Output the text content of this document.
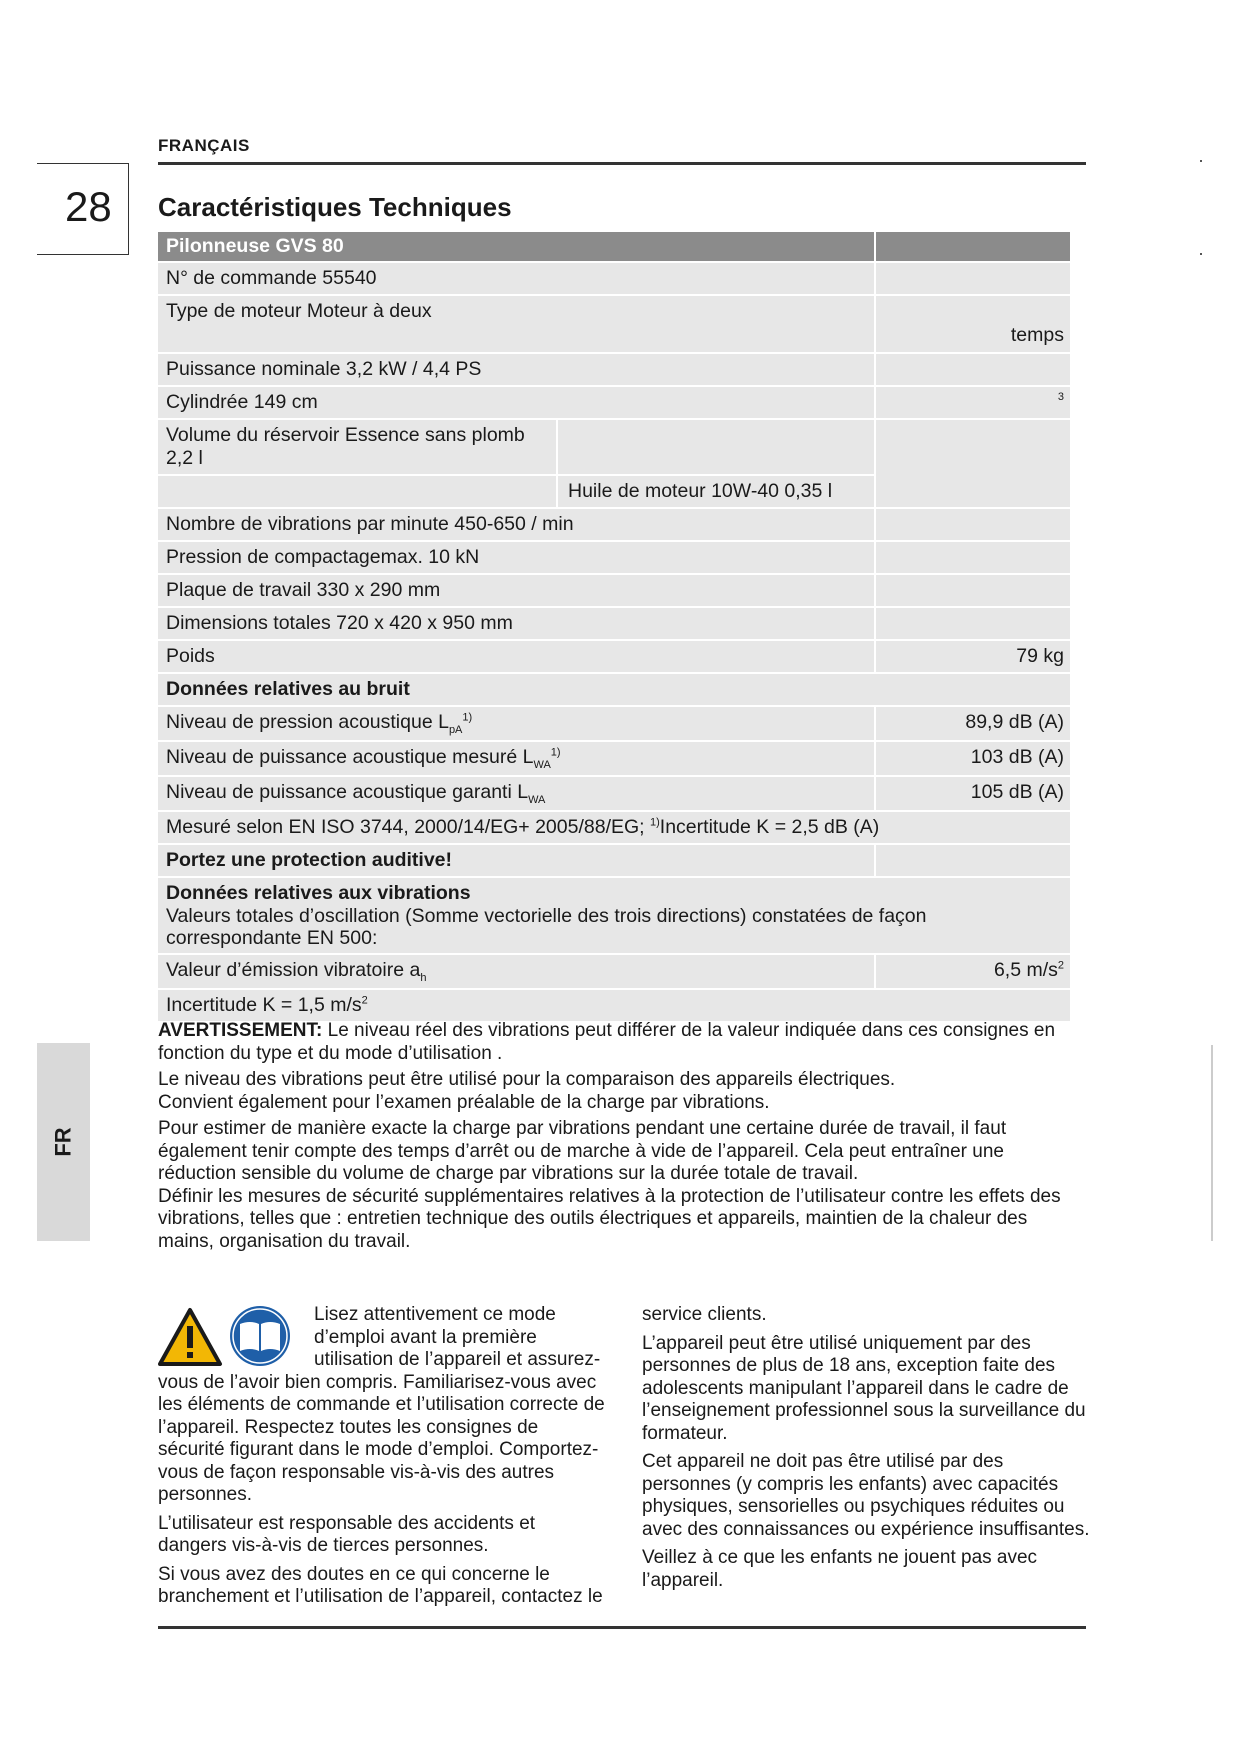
FRANÇAIS
28	Caractéristiques Techniques
FR
Pilonneuse GVS 80
N° de commande 55540
Type de moteur Moteur à deux
temps
Puissance nominale 3,2 kW / 4,4 PS
Cylindrée 149 cm	3
Volume du réservoir Essence sans plomb 2,2 l

Huile de moteur 10W-40 0,35 l
Nombre de vibrations par minute 450-650 / min
Pression de compactagemax. 10 kN
Plaque de travail 330 x 290 mm
Dimensions totales 720 x 420 x 950 mm
Poids	79 kg
Données relatives au bruit
Niveau de pression acoustique $L_{pA}^{1)}$	89,9 dB (A)
Niveau de puissance acoustique mesuré $L_{WA}^{1)}$	103 dB (A)
Niveau de puissance acoustique garanti $L_{WA}$	105 dB (A)
Mesuré selon EN ISO 3744, 2000/14/EG+ 2005/88/EG; $^{1)}$Incertitude K = 2,5 dB (A)
Portez une protection auditive!
Données relatives aux vibrations
Valeurs totales d’oscillation (Somme vectorielle des trois directions) constatées de façon correspondante EN 500:
Valeur d’émission vibratoire $a_h$	6,5 $m/s^2$
Incertitude K = 1,5 $m/s^2$

AVERTISSEMENT: Le niveau réel des vibrations peut différer de la valeur indiquée dans ces consignes en fonction du type et du mode d’utilisation .

Le niveau des vibrations peut être utilisé pour la comparaison des appareils électriques.

Convient également pour l’examen préalable de la charge par vibrations.

Pour estimer de manière exacte la charge par vibrations pendant une certaine durée de travail, il faut également tenir compte des temps d’arrêt ou de marche à vide de l’appareil. Cela peut entraîner une réduction sensible du volume de charge par vibrations sur la durée totale de travail.

Définir les mesures de sécurité supplémentaires relatives à la protection de l’utilisateur contre les effets des vibrations, telles que : entretien technique des outils électriques et appareils, maintien de la chaleur des mains, organisation du travail.

Lisez attentivement ce mode d’emploi avant la première utilisation de l’appareil et assurez-vous de l’avoir bien compris. Familiarisez-vous avec les éléments de commande et l’utilisation correcte de l’appareil. Respectez toutes les consignes de sécurité figurant dans le mode d’emploi. Comportez-vous de façon responsable vis-à-vis des autres personnes.

L’utilisateur est responsable des accidents et dangers vis-à-vis de tierces personnes.

Si vous avez des doutes en ce qui concerne le branchement et l’utilisation de l’appareil, contactez le

service clients.

L’appareil peut être utilisé uniquement par des personnes de plus de 18 ans, exception faite des adolescents manipulant l’appareil dans le cadre de l’enseignement professionnel sous la surveillance du formateur.

Cet appareil ne doit pas être utilisé par des personnes (y compris les enfants) avec capacités physiques, sensorielles ou psychiques réduites ou avec des connaissances ou expérience insuffisantes.

Veillez à ce que les enfants ne jouent pas avec l’appareil.
